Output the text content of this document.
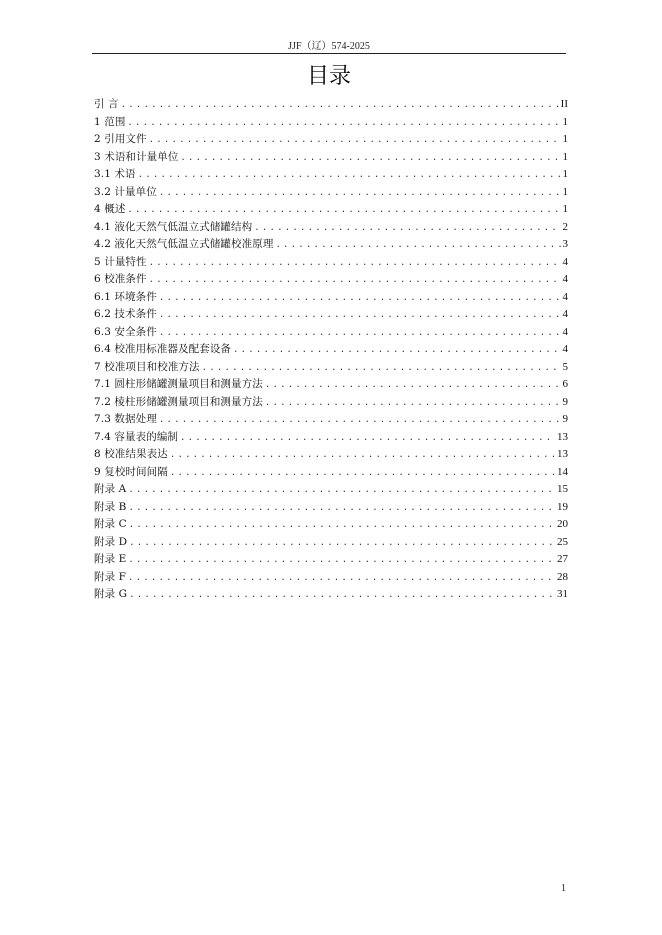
JJF（辽）574-2025
目录
引 言 .....	II
1 范围 .....	1
2 引用文件 .....	1
3 术语和计量单位 .....	1
3.1 术语 .....	1
3.2 计量单位 .....	1
4 概述 .....	1
4.1 液化天然气低温立式储罐结构 .....	2
4.2 液化天然气低温立式储罐校准原理 .....	3
5 计量特性 .....	4
6 校准条件 .....	4
6.1 环境条件 .....	4
6.2 技术条件 .....	4
6.3 安全条件 .....	4
6.4 校准用标准器及配套设备 .....	4
7 校准项目和校准方法 .....	5
7.1 圆柱形储罐测量项目和测量方法 .....	6
7.2 棱柱形储罐测量项目和测量方法 .....	9
7.3 数据处理 .....	9
7.4 容量表的编制 .....	13
8 校准结果表达 .....	13
9 复校时间间隔 .....	14
附录 A .....	15
附录 B .....	19
附录 C .....	20
附录 D .....	25
附录 E .....	27
附录 F .....	28
附录 G .....	31
1
